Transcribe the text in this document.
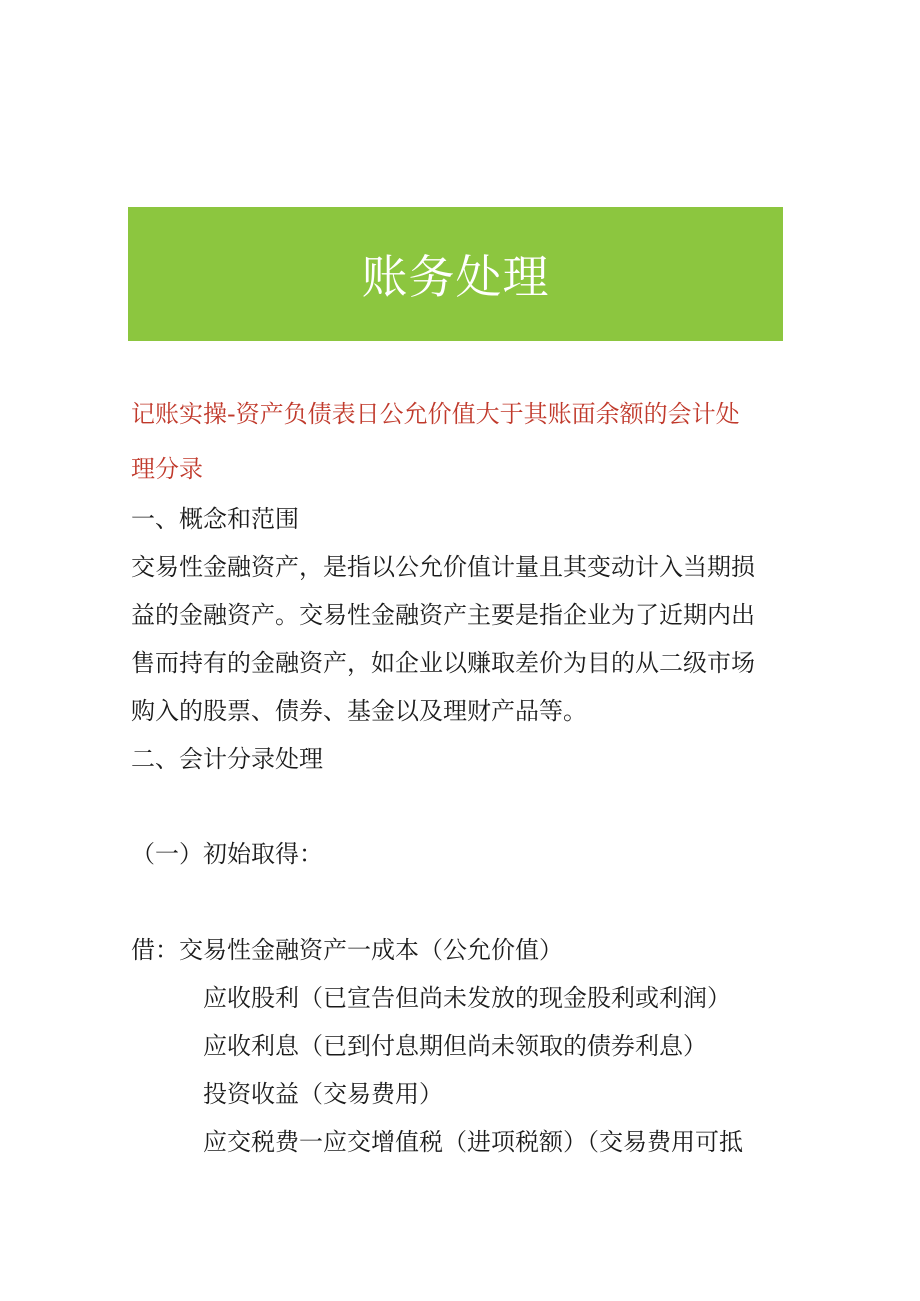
账务处理
记账实操-资产负债表日公允价值大于其账面余额的会计处
理分录
一、概念和范围
交易性金融资产，是指以公允价值计量且其变动计入当期损
益的金融资产。交易性金融资产主要是指企业为了近期内出
售而持有的金融资产，如企业以赚取差价为目的从二级市场
购入的股票、债券、基金以及理财产品等。
二、会计分录处理
（一）初始取得：
借：交易性金融资产一成本（公允价值）
应收股利（已宣告但尚未发放的现金股利或利润）
应收利息（已到付息期但尚未领取的债券利息）
投资收益（交易费用）
应交税费一应交增值税（进项税额）（交易费用可抵
